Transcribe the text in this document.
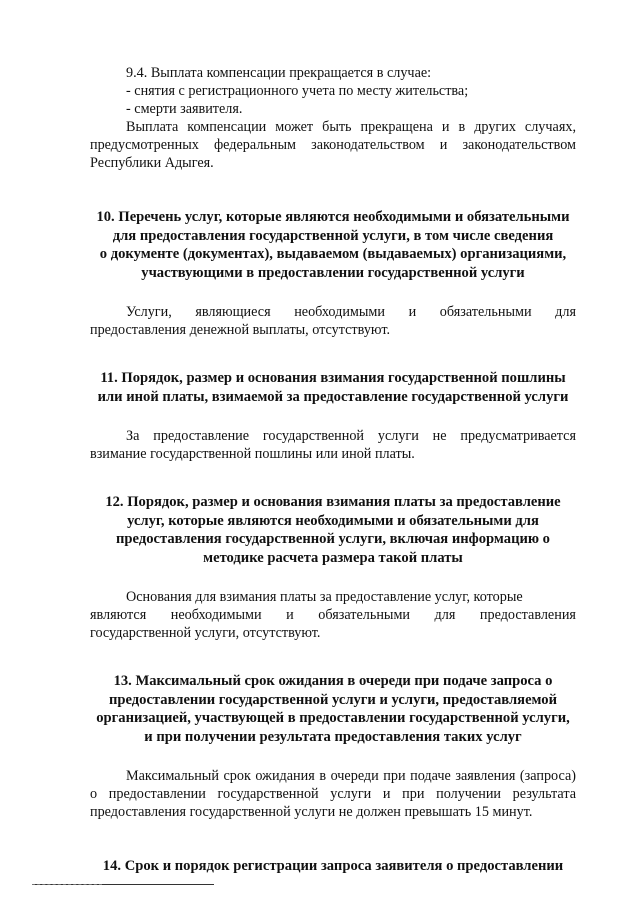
9.4. Выплата компенсации прекращается в случае:

- снятия с регистрационного учета по месту жительства;

- смерти заявителя.

Выплата компенсации может быть прекращена и в других случаях, предусмотренных федеральным законодательством и законодательством Республики Адыгея.

10. Перечень услуг, которые являются необходимыми и обязательными
для предоставления государственной услуги, в том числе сведения
о документе (документах), выдаваемом (выдаваемых) организациями,
участвующими в предоставлении государственной услуги

Услуги, являющиеся необходимыми и обязательными для

предоставления денежной выплаты, отсутствуют.

11. Порядок, размер и основания взимания государственной пошлины
или иной платы, взимаемой за предоставление государственной услуги

За предоставление государственной услуги не предусматривается взимание государственной пошлины или иной платы.

12. Порядок, размер и основания взимания платы за предоставление
услуг, которые являются необходимыми и обязательными для
предоставления государственной услуги, включая информацию о
методике расчета размера такой платы

Основания для взимания платы за предоставление услуг, которые

являются необходимыми и обязательными для предоставления

государственной услуги, отсутствуют.

13. Максимальный срок ожидания в очереди при подаче запроса о
предоставлении государственной услуги и услуги, предоставляемой
организацией, участвующей в предоставлении государственной услуги,
и при получении результата предоставления таких услуг

Максимальный срок ожидания в очереди при подаче заявления (запроса) о предоставлении государственной услуги и при получении результата предоставления государственной услуги не должен превышать 15 минут.

14. Срок и порядок регистрации запроса заявителя о предоставлении
